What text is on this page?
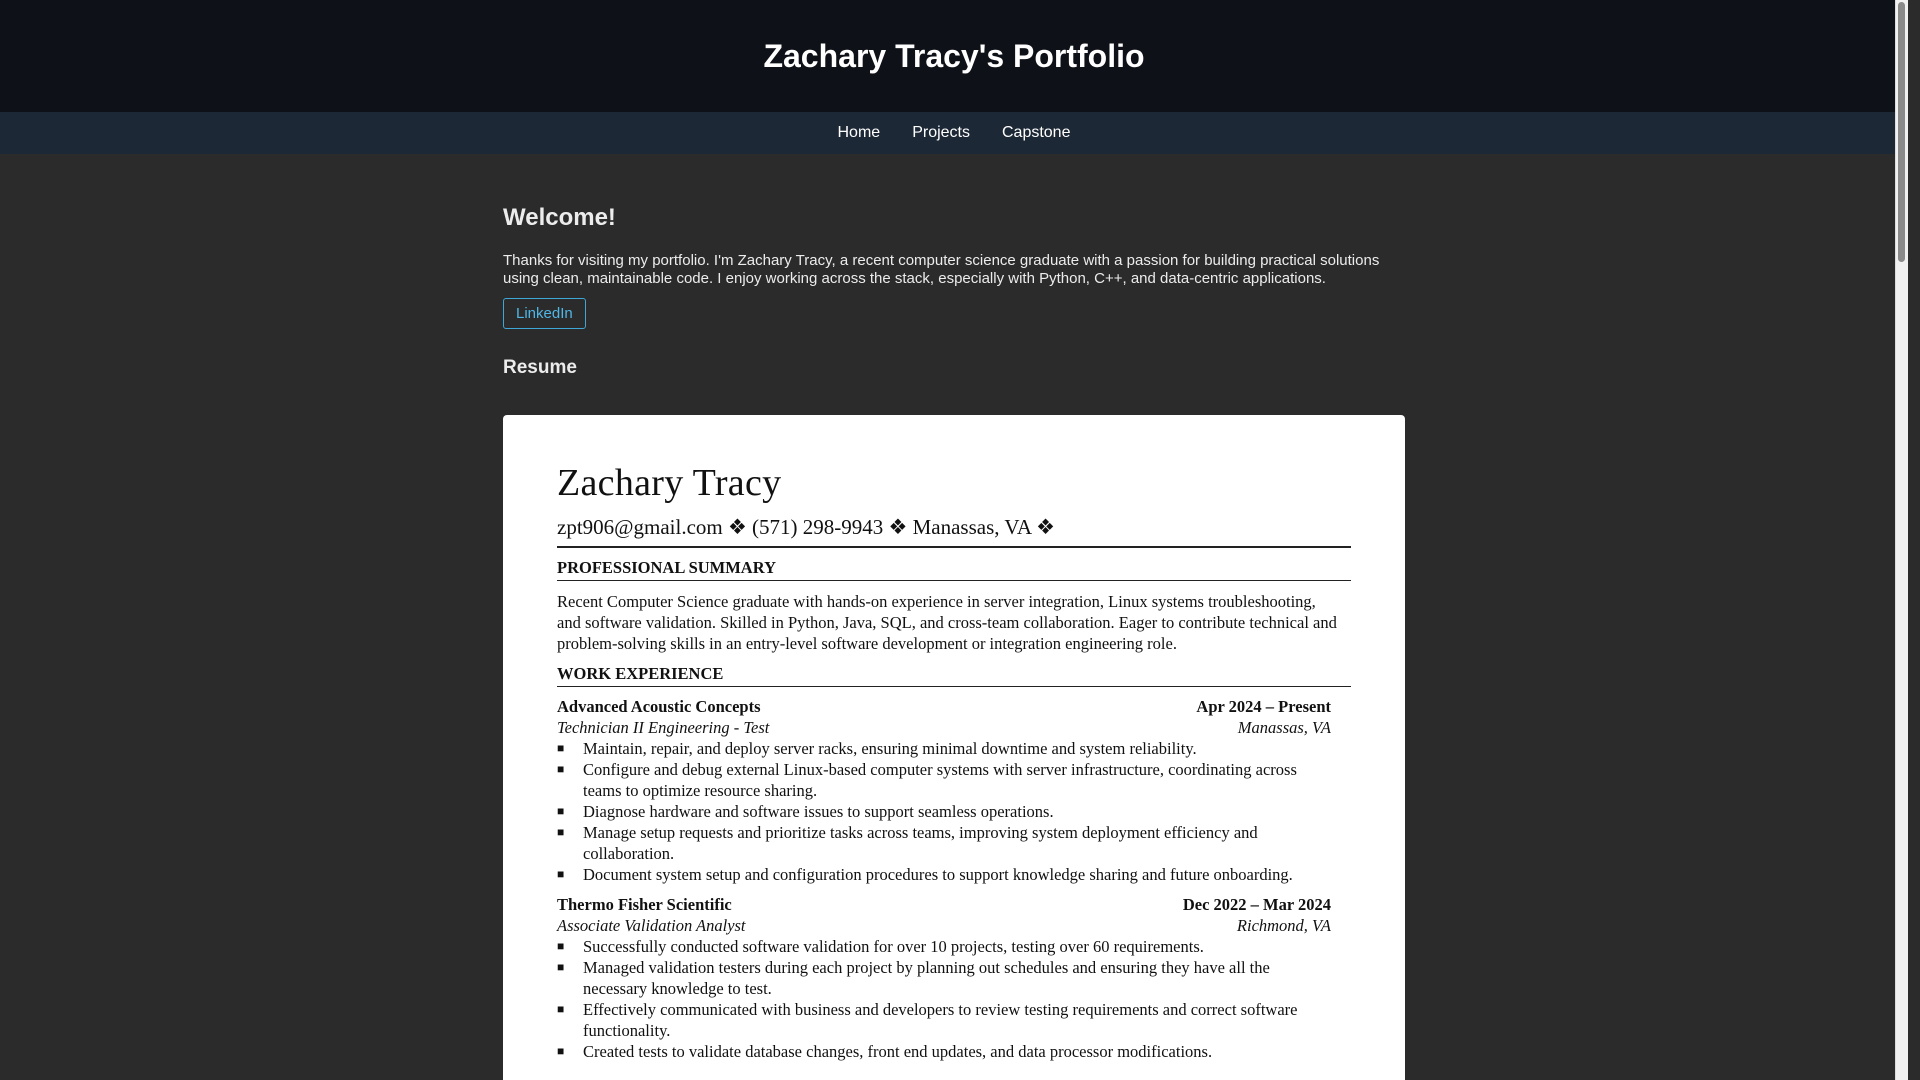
Zachary Tracy's Portfolio
Home Projects Capstone
Welcome!

Thanks for visiting my portfolio. I'm Zachary Tracy, a recent computer science graduate with a passion for building practical solutions using clean, maintainable code. I enjoy working across the stack, especially with Python, C++, and data-centric applications.

LinkedIn
Resume
Zachary Tracy
zpt906@gmail.com ❖ (571) 298-9943 ❖ Manassas, VA ❖
PROFESSIONAL SUMMARY

Recent Computer Science graduate with hands-on experience in server integration, Linux systems troubleshooting, and software validation. Skilled in Python, Java, SQL, and cross-team collaboration. Eager to contribute technical and problem-solving skills in an entry-level software development or integration engineering role.

WORK EXPERIENCE
Advanced Acoustic Concepts	Apr 2024 – Present
Technician II Engineering - Test	Manassas, VA
■ Maintain, repair, and deploy server racks, ensuring minimal downtime and system reliability.
■ Configure and debug external Linux-based computer systems with server infrastructure, coordinating across teams to optimize resource sharing.
■ Diagnose hardware and software issues to support seamless operations.
■ Manage setup requests and prioritize tasks across teams, improving system deployment efficiency and collaboration.
■ Document system setup and configuration procedures to support knowledge sharing and future onboarding.
Thermo Fisher Scientific	Dec 2022 – Mar 2024
Associate Validation Analyst	Richmond, VA
■ Successfully conducted software validation for over 10 projects, testing over 60 requirements.
■ Managed validation testers during each project by planning out schedules and ensuring they have all the necessary knowledge to test.
■ Effectively communicated with business and developers to review testing requirements and correct software functionality.
■ Created tests to validate database changes, front end updates, and data processor modifications.
